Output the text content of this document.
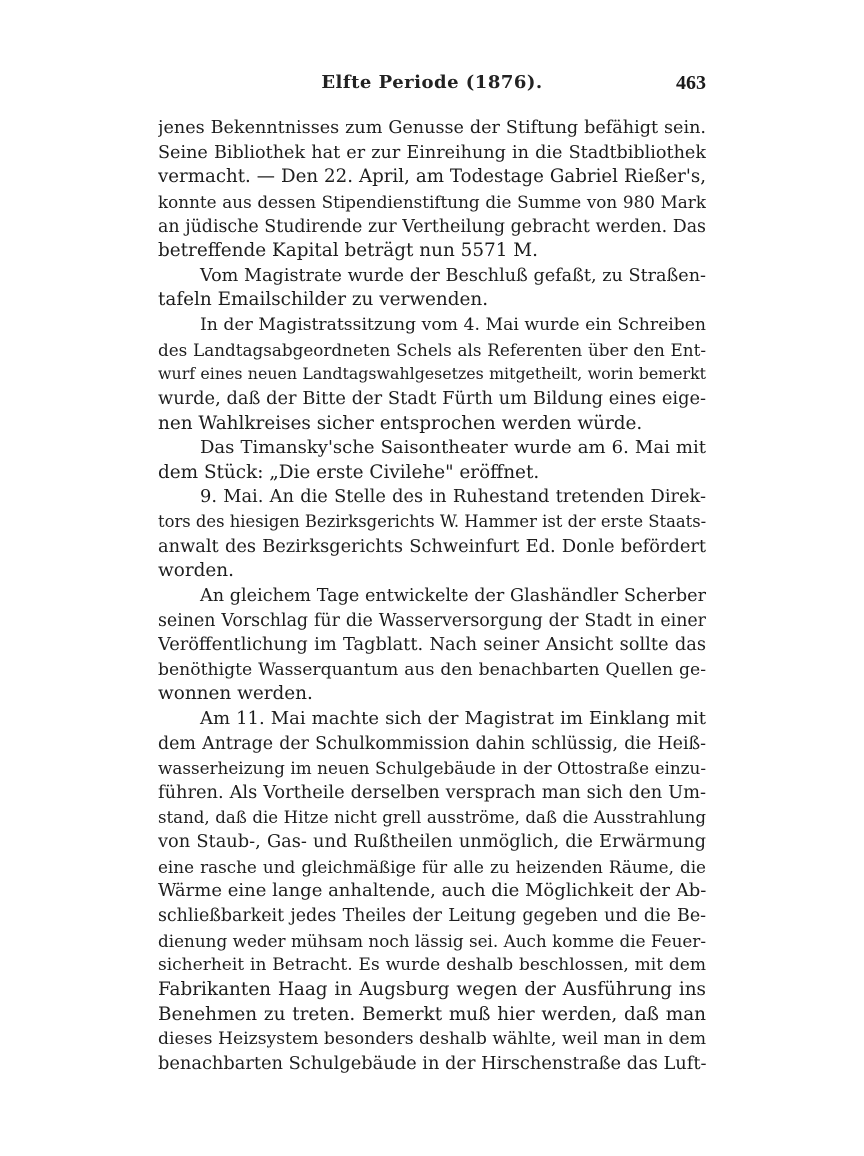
Elfte Periode (1876).	463
jenes Bekenntnisses zum Genusse der Stiftung befähigt sein.
Seine Bibliothek hat er zur Einreihung in die Stadtbibliothek
vermacht. — Den 22. April, am Todestage Gabriel Rießer's,
konnte aus dessen Stipendienstiftung die Summe von 980 Mark
an jüdische Studirende zur Vertheilung gebracht werden. Das
betreffende Kapital beträgt nun 5571 M.
Vom Magistrate wurde der Beschluß gefaßt, zu Straßen-
tafeln Emailschilder zu verwenden.
In der Magistratssitzung vom 4. Mai wurde ein Schreiben
des Landtagsabgeordneten Schels als Referenten über den Ent-
wurf eines neuen Landtagswahlgesetzes mitgetheilt, worin bemerkt
wurde, daß der Bitte der Stadt Fürth um Bildung eines eige-
nen Wahlkreises sicher entsprochen werden würde.
Das Timansky'sche Saisontheater wurde am 6. Mai mit
dem Stück: „Die erste Civilehe" eröffnet.
9. Mai. An die Stelle des in Ruhestand tretenden Direk-
tors des hiesigen Bezirksgerichts W. Hammer ist der erste Staats-
anwalt des Bezirksgerichts Schweinfurt Ed. Donle befördert
worden.
An gleichem Tage entwickelte der Glashändler Scherber
seinen Vorschlag für die Wasserversorgung der Stadt in einer
Veröffentlichung im Tagblatt. Nach seiner Ansicht sollte das
benöthigte Wasserquantum aus den benachbarten Quellen ge-
wonnen werden.
Am 11. Mai machte sich der Magistrat im Einklang mit
dem Antrage der Schulkommission dahin schlüssig, die Heiß-
wasserheizung im neuen Schulgebäude in der Ottostraße einzu-
führen. Als Vortheile derselben versprach man sich den Um-
stand, daß die Hitze nicht grell ausströme, daß die Ausstrahlung
von Staub-, Gas- und Rußtheilen unmöglich, die Erwärmung
eine rasche und gleichmäßige für alle zu heizenden Räume, die
Wärme eine lange anhaltende, auch die Möglichkeit der Ab-
schließbarkeit jedes Theiles der Leitung gegeben und die Be-
dienung weder mühsam noch lässig sei. Auch komme die Feuer-
sicherheit in Betracht. Es wurde deshalb beschlossen, mit dem
Fabrikanten Haag in Augsburg wegen der Ausführung ins
Benehmen zu treten. Bemerkt muß hier werden, daß man
dieses Heizsystem besonders deshalb wählte, weil man in dem
benachbarten Schulgebäude in der Hirschenstraße das Luft-
